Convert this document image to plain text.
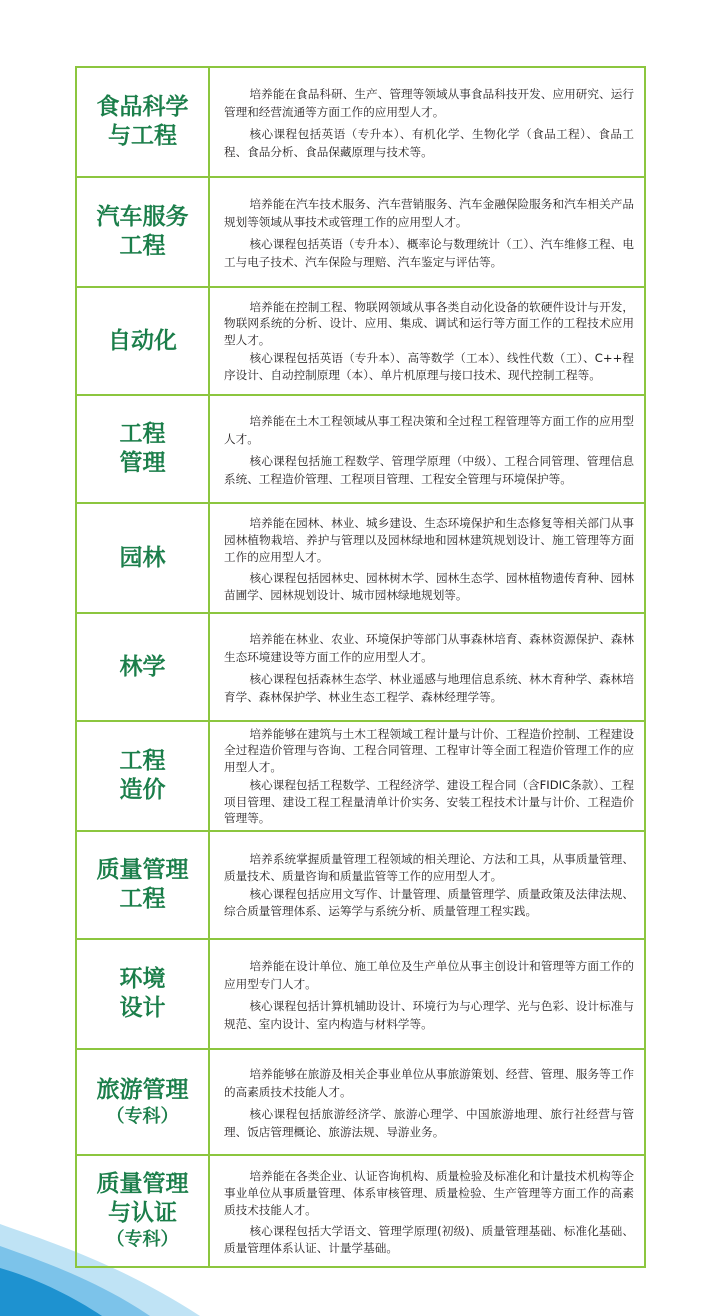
食品科学
与工程

培养能在食品科研、生产、管理等领域从事食品科技开发、应用研究、运行管理和经营流通等方面工作的应用型人才。

核心课程包括英语（专升本）、有机化学、生物化学（食品工程）、食品工程、食品分析、食品保藏原理与技术等。

汽车服务
工程

培养能在汽车技术服务、汽车营销服务、汽车金融保险服务和汽车相关产品规划等领域从事技术或管理工作的应用型人才。

核心课程包括英语（专升本）、概率论与数理统计（工）、汽车维修工程、电工与电子技术、汽车保险与理赔、汽车鉴定与评估等。

自动化

培养能在控制工程、物联网领域从事各类自动化设备的软硬件设计与开发，物联网系统的分析、设计、应用、集成、调试和运行等方面工作的工程技术应用型人才。

核心课程包括英语（专升本）、高等数学（工本）、线性代数（工）、C++程序设计、自动控制原理（本）、单片机原理与接口技术、现代控制工程等。

工程
管理

培养能在土木工程领域从事工程决策和全过程工程管理等方面工作的应用型人才。

核心课程包括施工程数学、管理学原理（中级）、工程合同管理、管理信息系统、工程造价管理、工程项目管理、工程安全管理与环境保护等。

园林

培养能在园林、林业、城乡建设、生态环境保护和生态修复等相关部门从事园林植物栽培、养护与管理以及园林绿地和园林建筑规划设计、施工管理等方面工作的应用型人才。

核心课程包括园林史、园林树木学、园林生态学、园林植物遗传育种、园林苗圃学、园林规划设计、城市园林绿地规划等。

林学

培养能在林业、农业、环境保护等部门从事森林培育、森林资源保护、森林生态环境建设等方面工作的应用型人才。

核心课程包括森林生态学、林业遥感与地理信息系统、林木育种学、森林培育学、森林保护学、林业生态工程学、森林经理学等。

工程
造价

培养能够在建筑与土木工程领域工程计量与计价、工程造价控制、工程建设全过程造价管理与咨询、工程合同管理、工程审计等全面工程造价管理工作的应用型人才。

核心课程包括工程数学、工程经济学、建设工程合同（含FIDIC条款）、工程项目管理、建设工程工程量清单计价实务、安装工程技术计量与计价、工程造价管理等。

质量管理
工程

培养系统掌握质量管理工程领域的相关理论、方法和工具，从事质量管理、质量技术、质量咨询和质量监管等工作的应用型人才。

核心课程包括应用文写作、计量管理、质量管理学、质量政策及法律法规、综合质量管理体系、运筹学与系统分析、质量管理工程实践。

环境
设计

培养能在设计单位、施工单位及生产单位从事主创设计和管理等方面工作的应用型专门人才。

核心课程包括计算机辅助设计、环境行为与心理学、光与色彩、设计标准与规范、室内设计、室内构造与材料学等。

旅游管理
（专科）

培养能够在旅游及相关企事业单位从事旅游策划、经营、管理、服务等工作的高素质技术技能人才。

核心课程包括旅游经济学、旅游心理学、中国旅游地理、旅行社经营与管理、饭店管理概论、旅游法规、导游业务。

质量管理
与认证
（专科）

培养能在各类企业、认证咨询机构、质量检验及标准化和计量技术机构等企事业单位从事质量管理、体系审核管理、质量检验、生产管理等方面工作的高素质技术技能人才。

核心课程包括大学语文、管理学原理(初级)、质量管理基础、标准化基础、质量管理体系认证、计量学基础。
